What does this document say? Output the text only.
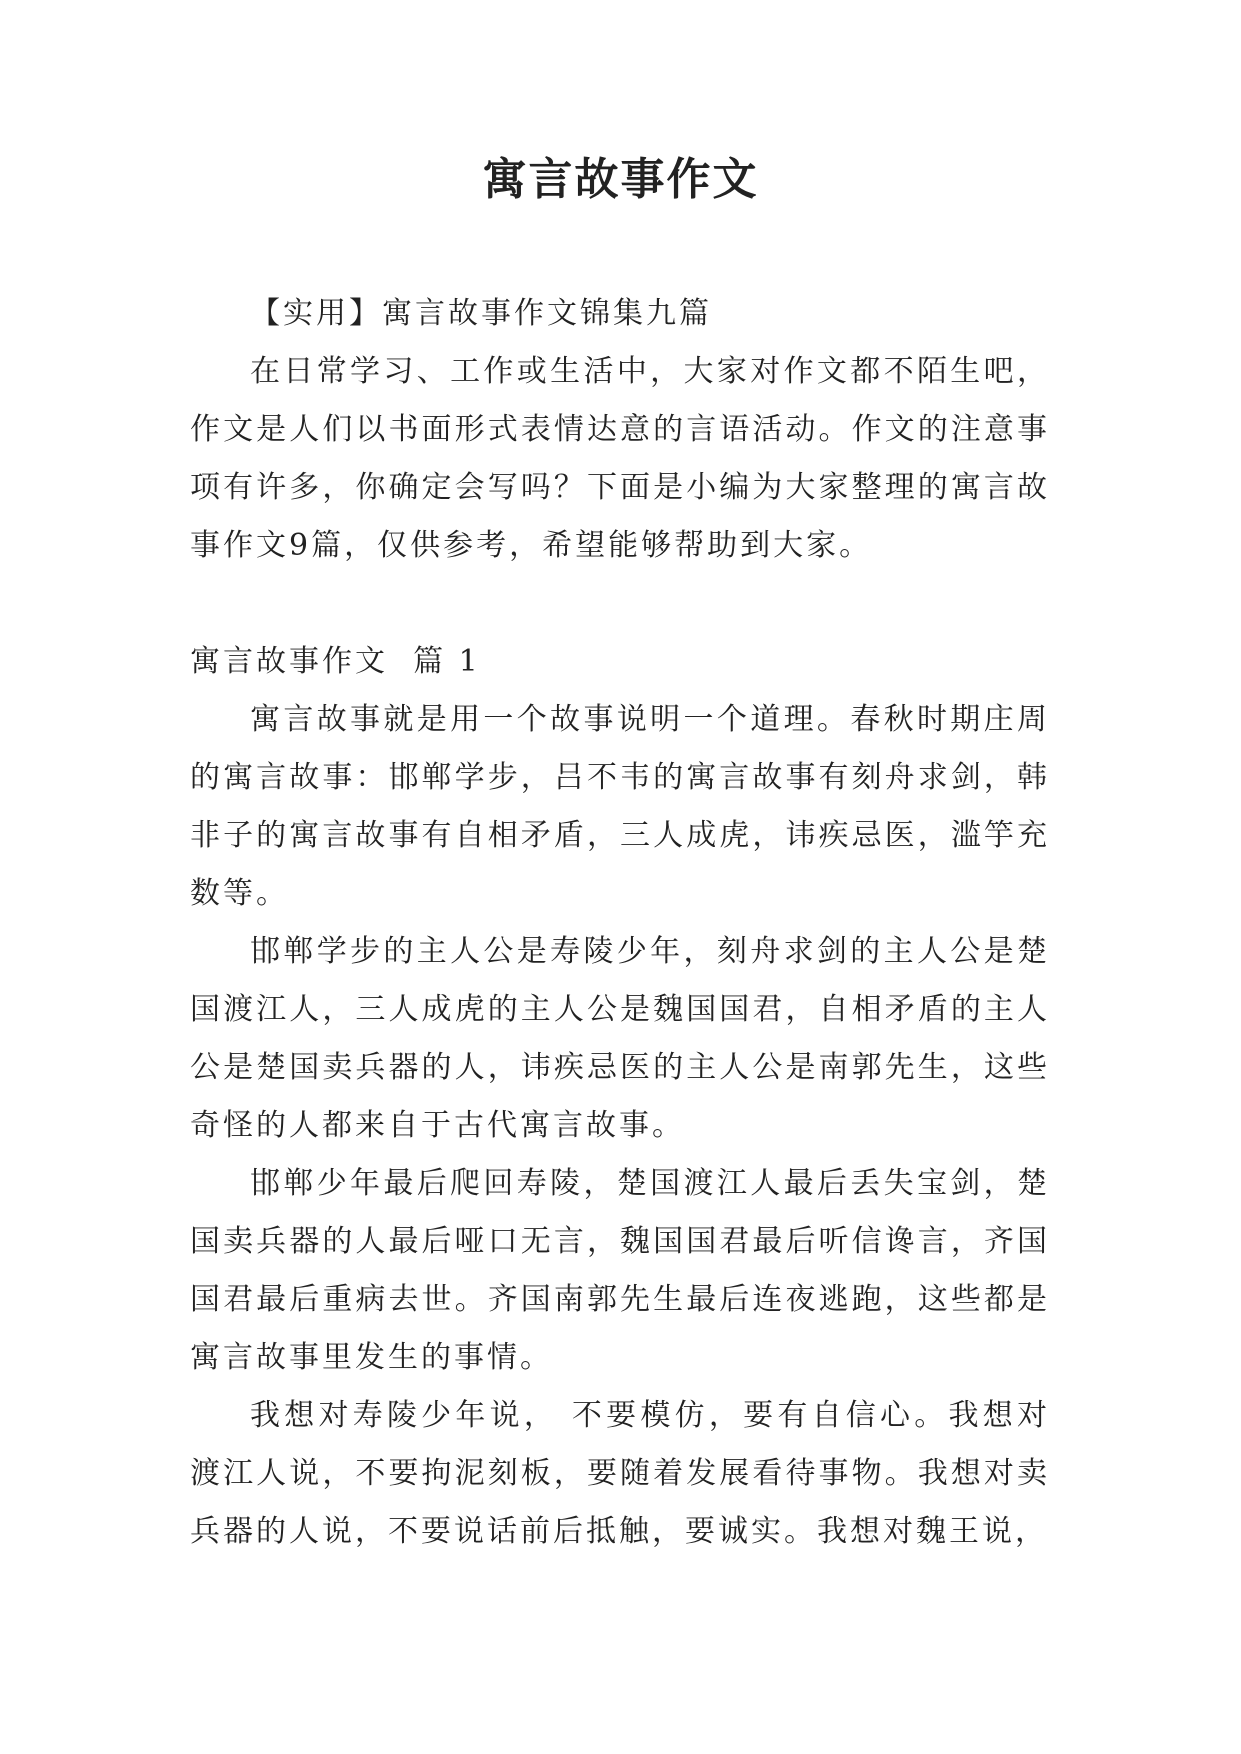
寓言故事作文

【实用】寓言故事作文锦集九篇

在日常学习、工作或生活中，大家对作文都不陌生吧，作文是人们以书面形式表情达意的言语活动。作文的注意事项有许多，你确定会写吗？下面是小编为大家整理的寓言故事作文9篇，仅供参考，希望能够帮助到大家。

寓言故事作文  篇 1

寓言故事就是用一个故事说明一个道理。春秋时期庄周的寓言故事：邯郸学步，吕不韦的寓言故事有刻舟求剑，韩非子的寓言故事有自相矛盾，三人成虎，讳疾忌医，滥竽充数等。

邯郸学步的主人公是寿陵少年，刻舟求剑的主人公是楚国渡江人，三人成虎的主人公是魏国国君，自相矛盾的主人公是楚国卖兵器的人，讳疾忌医的主人公是南郭先生，这些奇怪的人都来自于古代寓言故事。

邯郸少年最后爬回寿陵，楚国渡江人最后丢失宝剑，楚国卖兵器的人最后哑口无言，魏国国君最后听信谗言，齐国国君最后重病去世。齐国南郭先生最后连夜逃跑，这些都是寓言故事里发生的事情。

我想对寿陵少年说， 不要模仿，要有自信心。我想对渡江人说，不要拘泥刻板，要随着发展看待事物。我想对卖兵器的人说，不要说话前后抵触，要诚实。我想对魏王说，
